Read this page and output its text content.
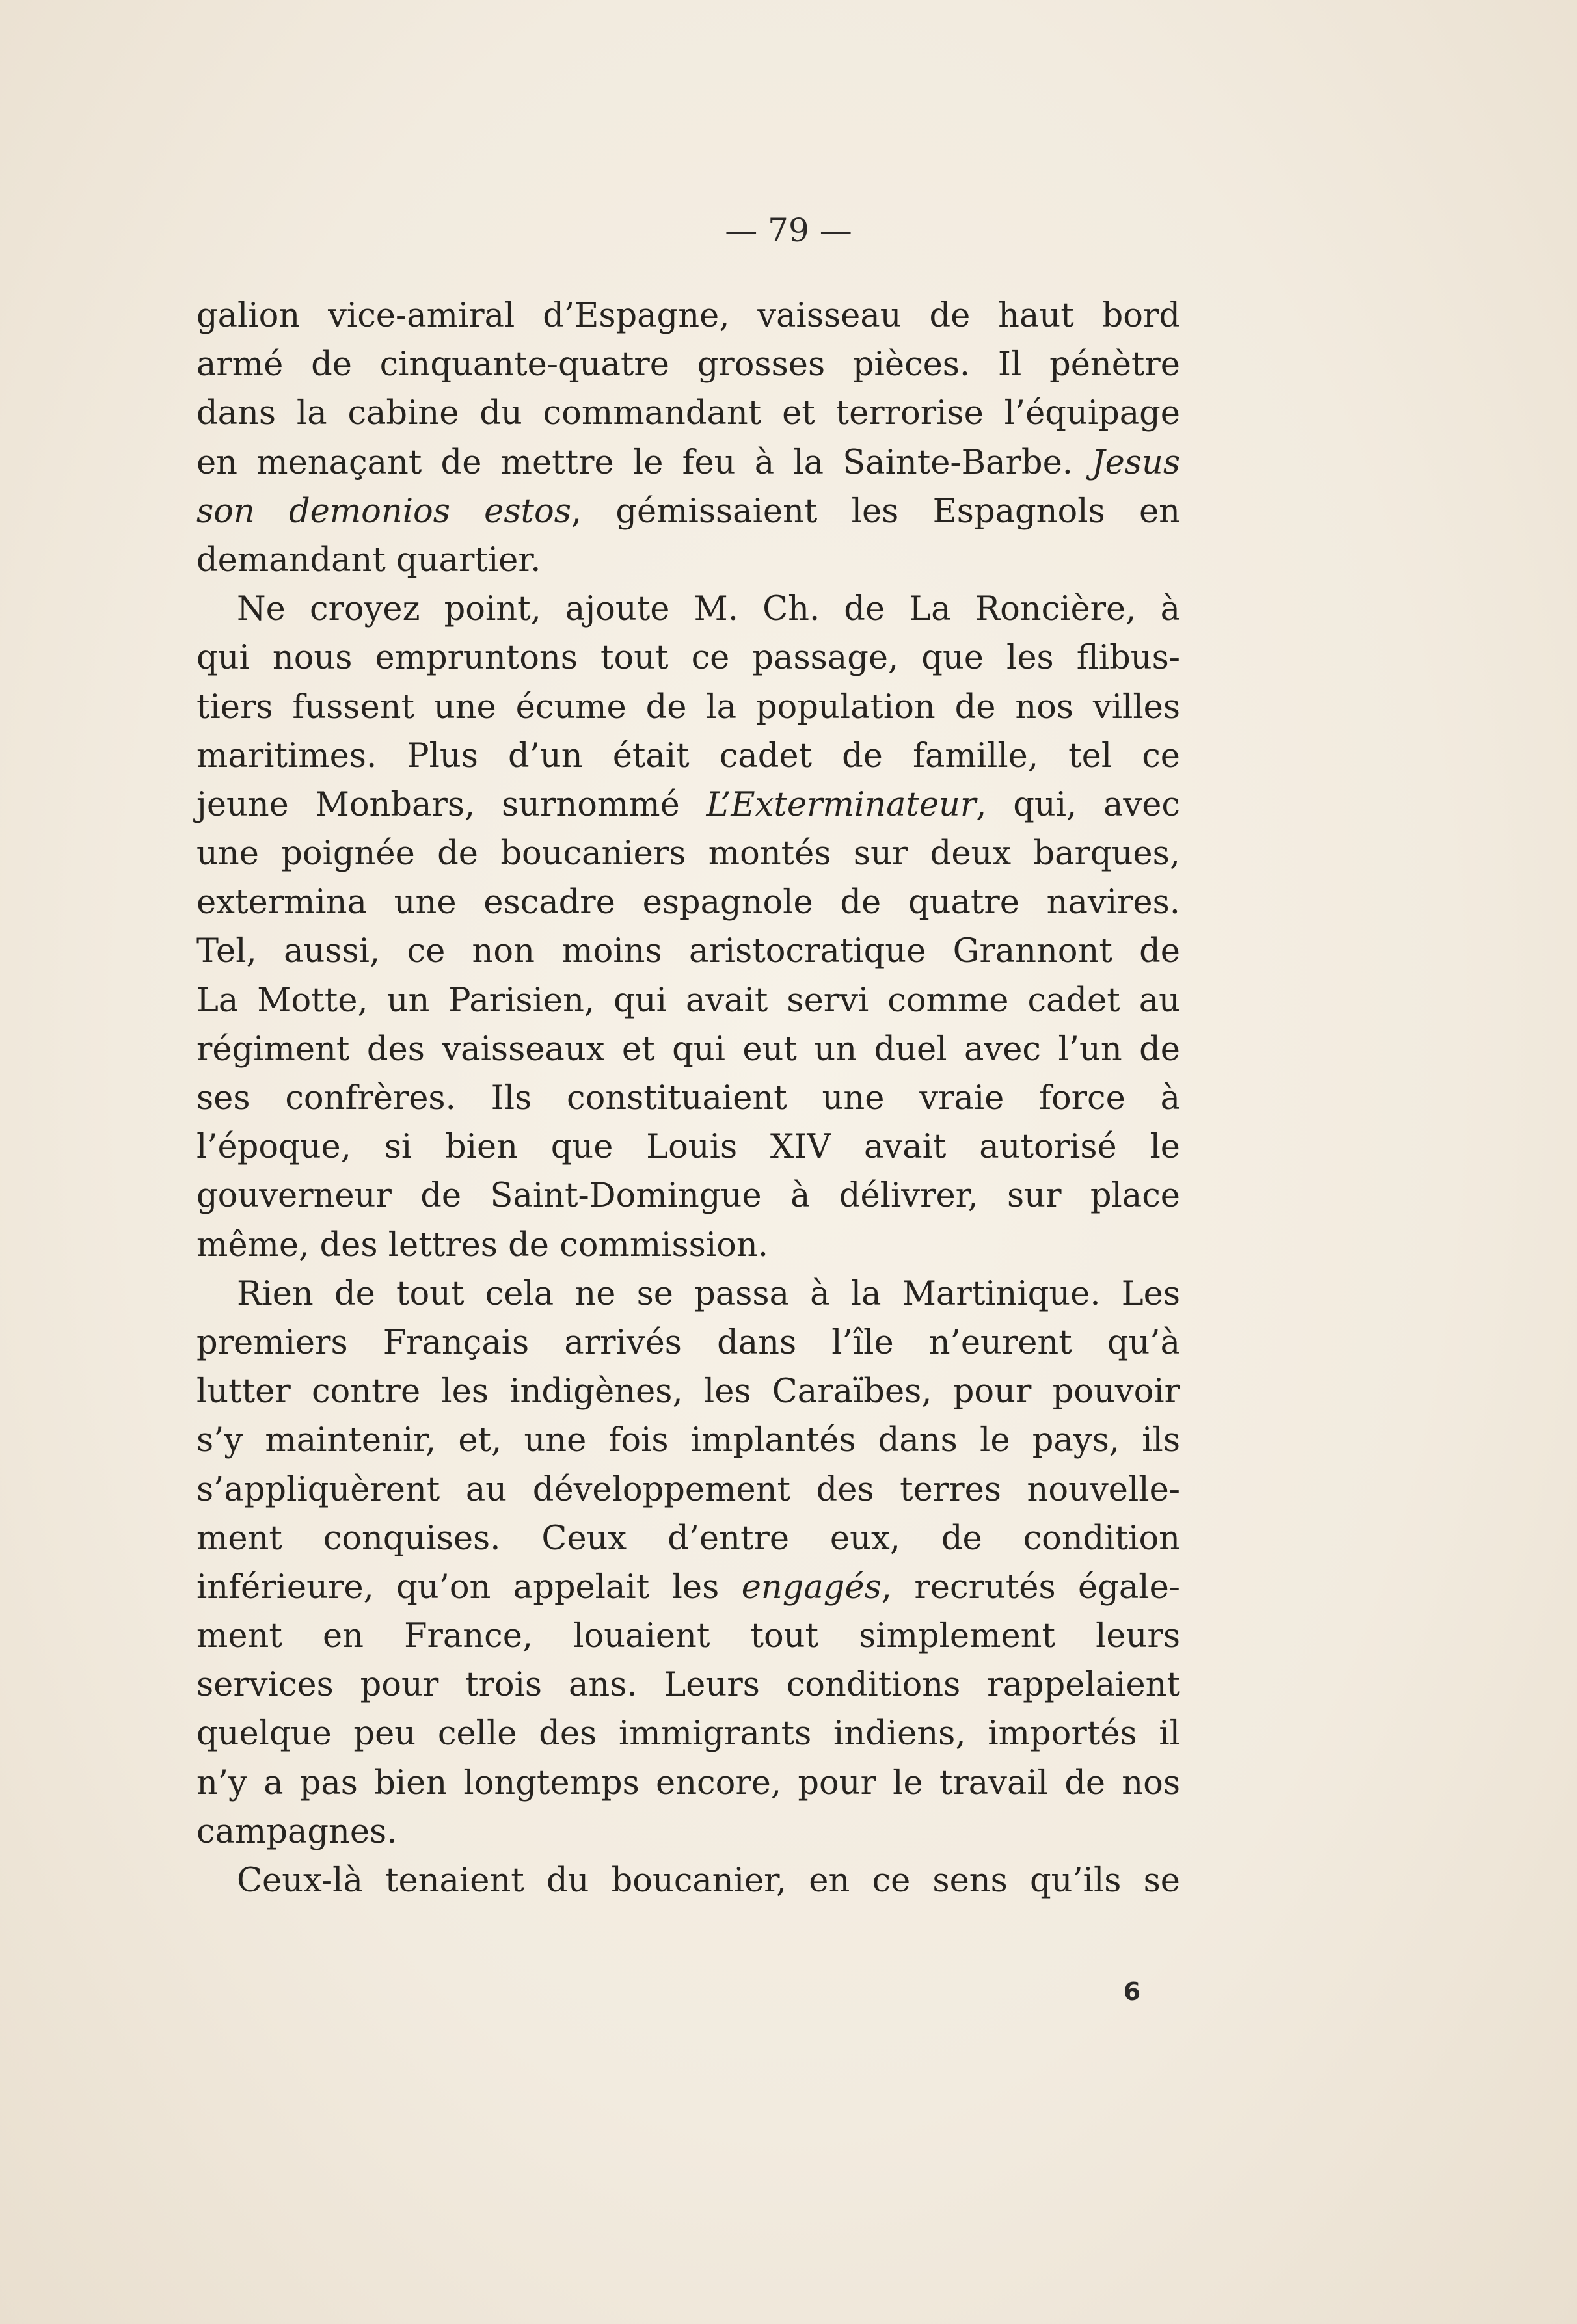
— 79 —
galion vice-amiral d’Espagne, vaisseau de haut bord
armé de cinquante-quatre grosses pièces. Il pénètre
dans la cabine du commandant et terrorise l’équipage
en menaçant de mettre le feu à la Sainte-Barbe. Jesus
son demonios estos, gémissaient les Espagnols en
demandant quartier.
Ne croyez point, ajoute M. Ch. de La Roncière, à
qui nous empruntons tout ce passage, que les flibus-
tiers fussent une écume de la population de nos villes
maritimes. Plus d’un était cadet de famille, tel ce
jeune Monbars, surnommé L’Exterminateur, qui, avec
une poignée de boucaniers montés sur deux barques,
extermina une escadre espagnole de quatre navires.
Tel, aussi, ce non moins aristocratique Grannont de
La Motte, un Parisien, qui avait servi comme cadet au
régiment des vaisseaux et qui eut un duel avec l’un de
ses confrères. Ils constituaient une vraie force à
l’époque, si bien que Louis XIV avait autorisé le
gouverneur de Saint-Domingue à délivrer, sur place
même, des lettres de commission.
Rien de tout cela ne se passa à la Martinique. Les
premiers Français arrivés dans l’île n’eurent qu’à
lutter contre les indigènes, les Caraïbes, pour pouvoir
s’y maintenir, et, une fois implantés dans le pays, ils
s’appliquèrent au développement des terres nouvelle-
ment conquises. Ceux d’entre eux, de condition
inférieure, qu’on appelait les engagés, recrutés égale-
ment en France, louaient tout simplement leurs
services pour trois ans. Leurs conditions rappelaient
quelque peu celle des immigrants indiens, importés il
n’y a pas bien longtemps encore, pour le travail de nos
campagnes.
Ceux-là tenaient du boucanier, en ce sens qu’ils se
6
